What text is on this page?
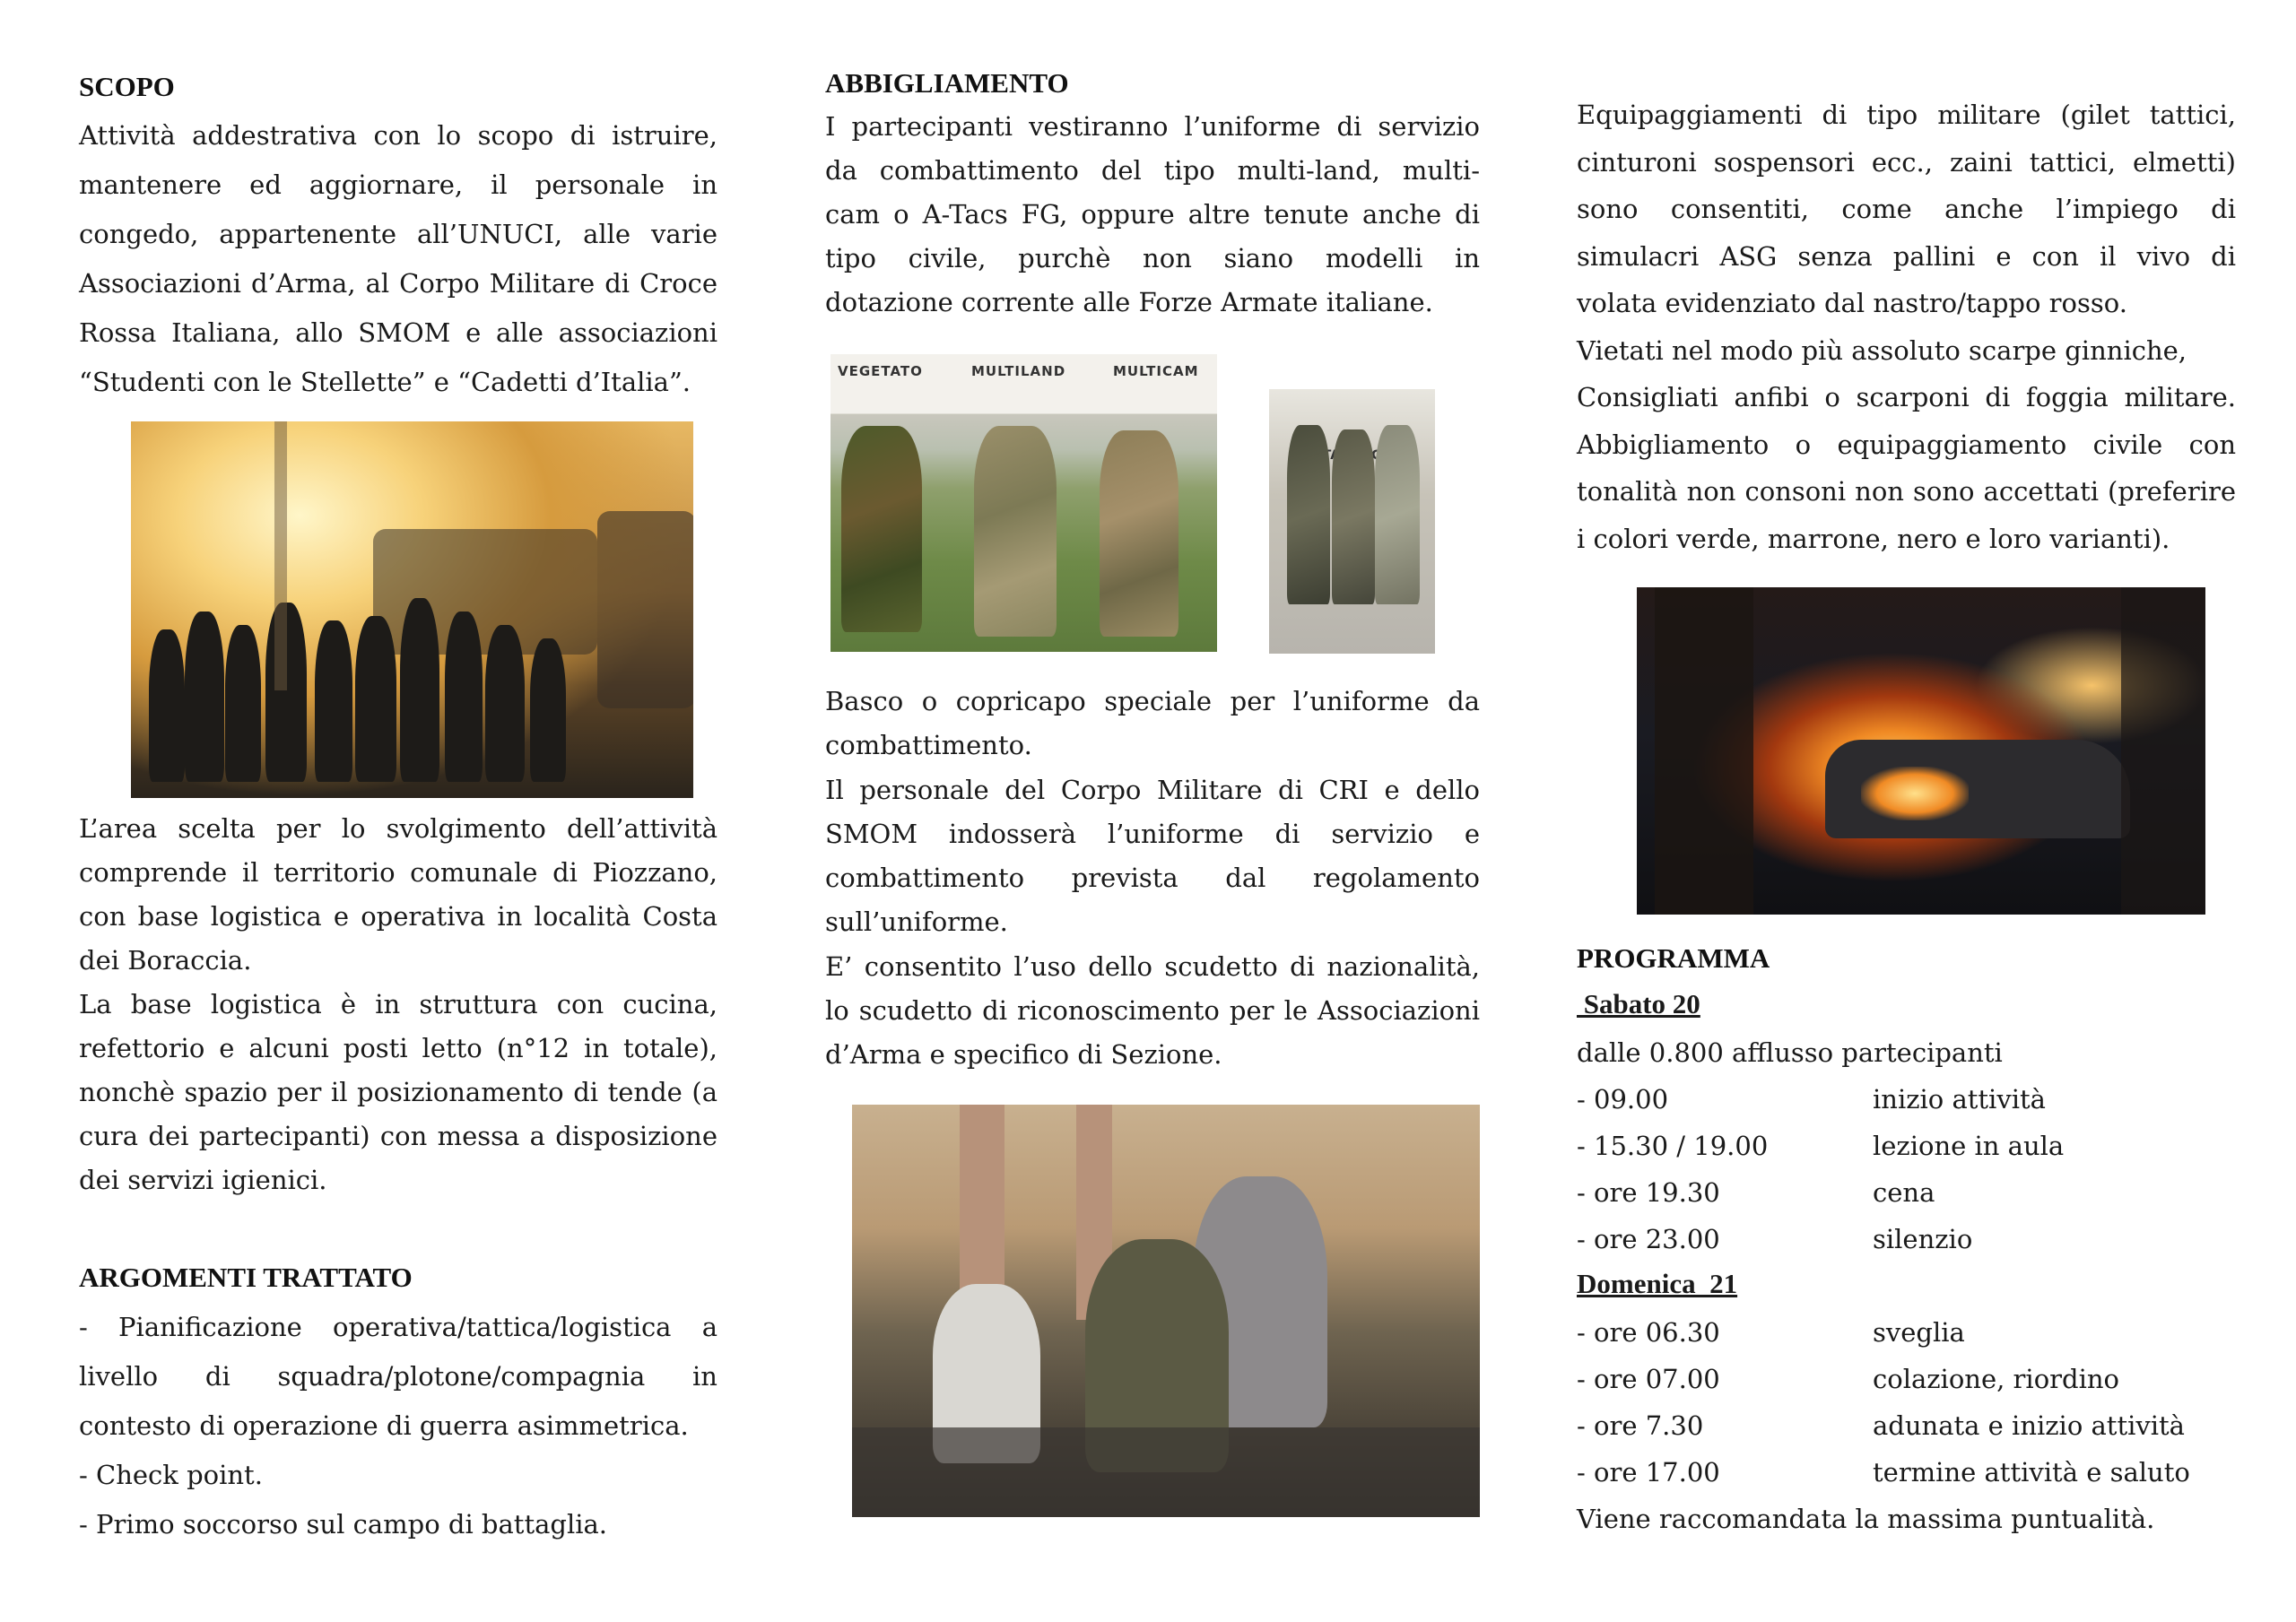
SCOPO
Attività addestrativa con lo scopo di istruire,
mantenere ed aggiornare, il personale in
congedo, appartenente all’UNUCI, alle varie
Associazioni d’Arma, al Corpo Militare di Croce
Rossa Italiana, allo SMOM e alle associazioni
“Studenti con le Stellette” e “Cadetti d’Italia”.
L’area scelta per lo svolgimento dell’attività
comprende il territorio comunale di Piozzano,
con base logistica e operativa in località Costa
dei Boraccia.
La base logistica è in struttura con cucina,
refettorio e alcuni posti letto (n°12 in totale),
nonchè spazio per il posizionamento di tende (a
cura dei partecipanti) con messa a disposizione
dei servizi igienici.
ARGOMENTI TRATTATO
- Pianificazione operativa/tattica/logistica a
livello di squadra/plotone/compagnia in
contesto di operazione di guerra asimmetrica.
- Check point.
- Primo soccorso sul campo di battaglia.
ABBIGLIAMENTO
I partecipanti vestiranno l’uniforme di servizio
da combattimento del tipo multi-land, multi-
cam o A-Tacs FG, oppure altre tenute anche di
tipo civile, purchè non siano modelli in
dotazione corrente alle Forze Armate italiane.
VEGETATO	MULTILAND	MULTICAM
Basco o copricapo speciale per l’uniforme da
combattimento.
Il personale del Corpo Militare di CRI e dello
SMOM indosserà l’uniforme di servizio e
combattimento prevista dal regolamento
sull’uniforme.
E’ consentito l’uso dello scudetto di nazionalità,
lo scudetto di riconoscimento per le Associazioni
d’Arma e specifico di Sezione.
Equipaggiamenti di tipo militare (gilet tattici,
cinturoni sospensori ecc., zaini tattici, elmetti)
sono consentiti, come anche l’impiego di
simulacri ASG senza pallini e con il vivo di
volata evidenziato dal nastro/tappo rosso.
Vietati nel modo più assoluto scarpe ginniche,
Consigliati anfibi o scarponi di foggia militare.
Abbigliamento o equipaggiamento civile con
tonalità non consoni non sono accettati (preferire
i colori verde, marrone, nero e loro varianti).
PROGRAMMA
Sabato 20
dalle 0.800 afflusso partecipanti
- 09.00	inizio attività
- 15.30 / 19.00	lezione in aula
- ore 19.30	cena
- ore 23.00	silenzio
Domenica  21
- ore 06.30	sveglia
- ore 07.00	colazione, riordino
- ore 7.30	adunata e inizio attività
- ore 17.00	termine attività e saluto
Viene raccomandata la massima puntualità.
